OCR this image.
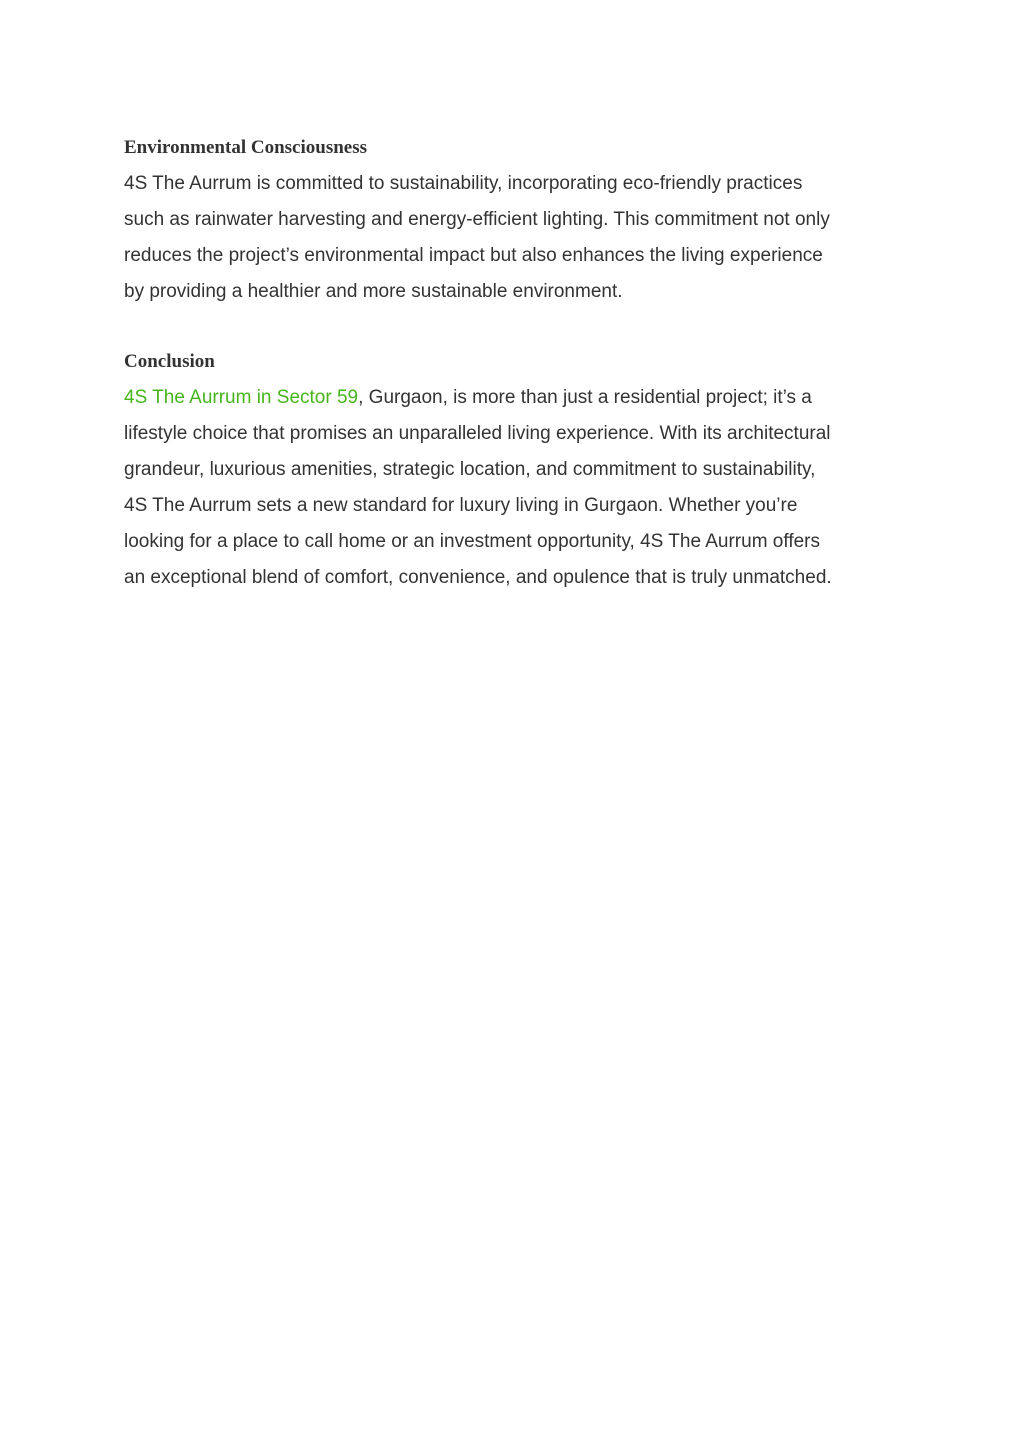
Environmental Consciousness

4S The Aurrum is committed to sustainability, incorporating eco-friendly practices
such as rainwater harvesting and energy-efficient lighting. This commitment not only
reduces the project’s environmental impact but also enhances the living experience
by providing a healthier and more sustainable environment.

Conclusion

4S The Aurrum in Sector 59, Gurgaon, is more than just a residential project; it’s a
lifestyle choice that promises an unparalleled living experience. With its architectural
grandeur, luxurious amenities, strategic location, and commitment to sustainability,
4S The Aurrum sets a new standard for luxury living in Gurgaon. Whether you’re
looking for a place to call home or an investment opportunity, 4S The Aurrum offers
an exceptional blend of comfort, convenience, and opulence that is truly unmatched.
